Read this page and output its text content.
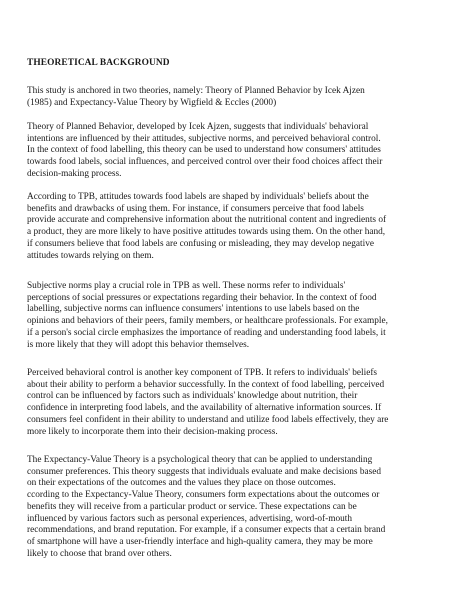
THEORETICAL BACKGROUND
This study is anchored in two theories, namely: Theory of Planned Behavior by Icek Ajzen
(1985) and Expectancy-Value Theory by Wigfield & Eccles (2000)
Theory of Planned Behavior, developed by Icek Ajzen, suggests that individuals' behavioral
intentions are influenced by their attitudes, subjective norms, and perceived behavioral control.
In the context of food labelling, this theory can be used to understand how consumers' attitudes
towards food labels, social influences, and perceived control over their food choices affect their
decision-making process.
According to TPB, attitudes towards food labels are shaped by individuals' beliefs about the
benefits and drawbacks of using them. For instance, if consumers perceive that food labels
provide accurate and comprehensive information about the nutritional content and ingredients of
a product, they are more likely to have positive attitudes towards using them. On the other hand,
if consumers believe that food labels are confusing or misleading, they may develop negative
attitudes towards relying on them.
Subjective norms play a crucial role in TPB as well. These norms refer to individuals'
perceptions of social pressures or expectations regarding their behavior. In the context of food
labelling, subjective norms can influence consumers' intentions to use labels based on the
opinions and behaviors of their peers, family members, or healthcare professionals. For example,
if a person's social circle emphasizes the importance of reading and understanding food labels, it
is more likely that they will adopt this behavior themselves.
Perceived behavioral control is another key component of TPB. It refers to individuals' beliefs
about their ability to perform a behavior successfully. In the context of food labelling, perceived
control can be influenced by factors such as individuals' knowledge about nutrition, their
confidence in interpreting food labels, and the availability of alternative information sources. If
consumers feel confident in their ability to understand and utilize food labels effectively, they are
more likely to incorporate them into their decision-making process.
The Expectancy-Value Theory is a psychological theory that can be applied to understanding
consumer preferences. This theory suggests that individuals evaluate and make decisions based
on their expectations of the outcomes and the values they place on those outcomes.
ccording to the Expectancy-Value Theory, consumers form expectations about the outcomes or
benefits they will receive from a particular product or service. These expectations can be
influenced by various factors such as personal experiences, advertising, word-of-mouth
recommendations, and brand reputation. For example, if a consumer expects that a certain brand
of smartphone will have a user-friendly interface and high-quality camera, they may be more
likely to choose that brand over others.
